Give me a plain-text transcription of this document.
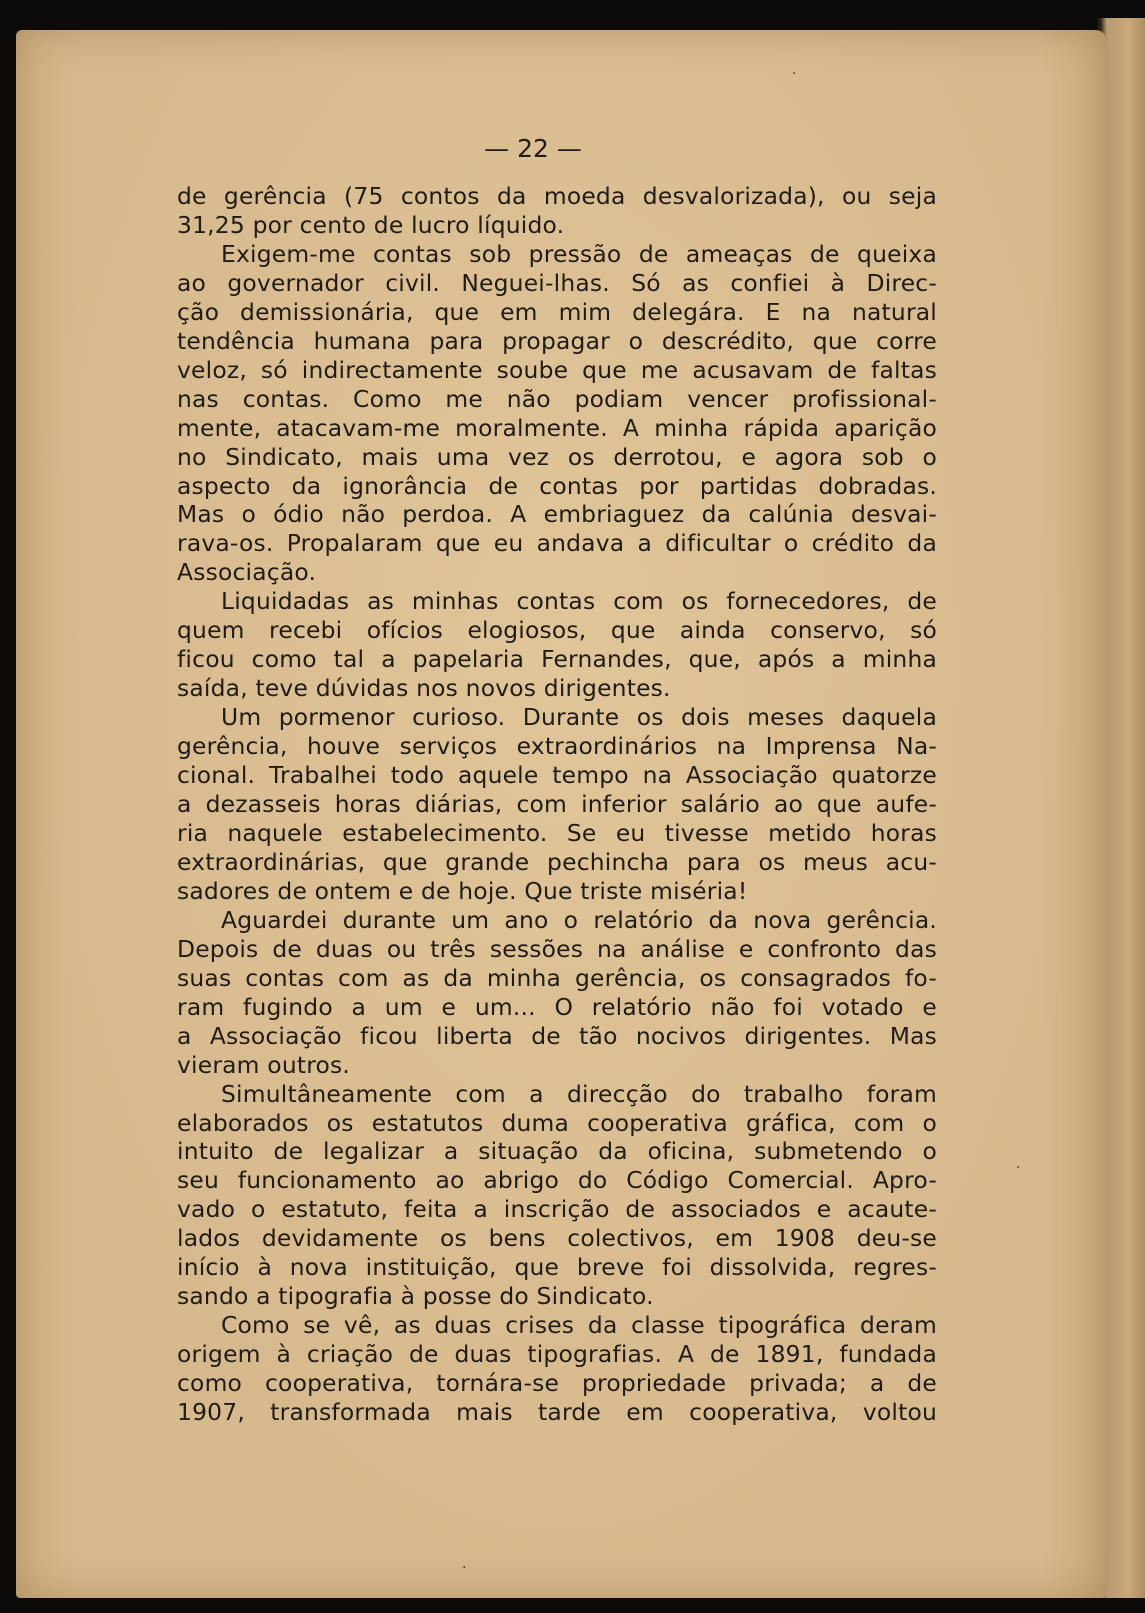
— 22 —
·
·
·
de gerência (75 contos da moeda desvalorizada), ou seja
31,25 por cento de lucro líquido.
Exigem-me contas sob pressão de ameaças de queixa
ao governador civil. Neguei-lhas. Só as confiei à Direc-
ção demissionária, que em mim delegára. E na natural
tendência humana para propagar o descrédito, que corre
veloz, só indirectamente soube que me acusavam de faltas
nas contas. Como me não podiam vencer profissional-
mente, atacavam-me moralmente. A minha rápida aparição
no Sindicato, mais uma vez os derrotou, e agora sob o
aspecto da ignorância de contas por partidas dobradas.
Mas o ódio não perdoa. A embriaguez da calúnia desvai-
rava-os. Propalaram que eu andava a dificultar o crédito da
Associação.
Liquidadas as minhas contas com os fornecedores, de
quem recebi ofícios elogiosos, que ainda conservo, só
ficou como tal a papelaria Fernandes, que, após a minha
saída, teve dúvidas nos novos dirigentes.
Um pormenor curioso. Durante os dois meses daquela
gerência, houve serviços extraordinários na Imprensa Na-
cional. Trabalhei todo aquele tempo na Associação quatorze
a dezasseis horas diárias, com inferior salário ao que aufe-
ria naquele estabelecimento. Se eu tivesse metido horas
extraordinárias, que grande pechincha para os meus acu-
sadores de ontem e de hoje. Que triste miséria!
Aguardei durante um ano o relatório da nova gerência.
Depois de duas ou três sessões na análise e confronto das
suas contas com as da minha gerência, os consagrados fo-
ram fugindo a um e um... O relatório não foi votado e
a Associação ficou liberta de tão nocivos dirigentes. Mas
vieram outros.
Simultâneamente com a direcção do trabalho foram
elaborados os estatutos duma cooperativa gráfica, com o
intuito de legalizar a situação da oficina, submetendo o
seu funcionamento ao abrigo do Código Comercial. Apro-
vado o estatuto, feita a inscrição de associados e acaute-
lados devidamente os bens colectivos, em 1908 deu-se
início à nova instituição, que breve foi dissolvida, regres-
sando a tipografia à posse do Sindicato.
Como se vê, as duas crises da classe tipográfica deram
origem à criação de duas tipografias. A de 1891, fundada
como cooperativa, tornára-se propriedade privada; a de
1907, transformada mais tarde em cooperativa, voltou
